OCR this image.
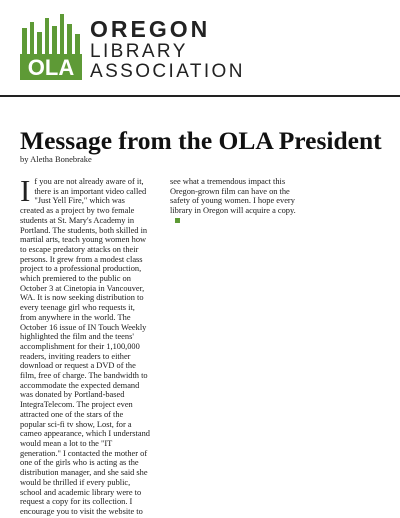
OLA
OREGON
LIBRARY
ASSOCIATION
Message from the OLA President
by Aletha Bonebrake
I f you are not already aware of it, there is an important video called "Just Yell Fire," which was created as a project by two female students at St. Mary's Academy in Portland. The students, both skilled in martial arts, teach young women how to escape predatory attacks on their persons. It grew from a modest class project to a professional production, which premiered to the public on October 3 at Cinetopia in Vancouver, WA. It is now seeking distribution to every teenage girl who requests it, from anywhere in the world. The October 16 issue of IN Touch Weekly highlighted the film and the teens' accomplishment for their 1,100,000 readers, inviting readers to either download or request a DVD of the film, free of charge. The bandwidth to accommodate the expected demand was donated by Portland-based IntegraTelecom. The project even attracted one of the stars of the popular sci-fi tv show, Lost, for a cameo appearance, which I understand would mean a lot to the "IT generation." I contacted the mother of one of the girls who is acting as the distribution manager, and she said she would be thrilled if every public, school and academic library were to request a copy for its collection. I encourage you to visit the website to

see what a tremendous impact this Oregon-grown film can have on the safety of young women. I hope every library in Oregon will acquire a copy.
